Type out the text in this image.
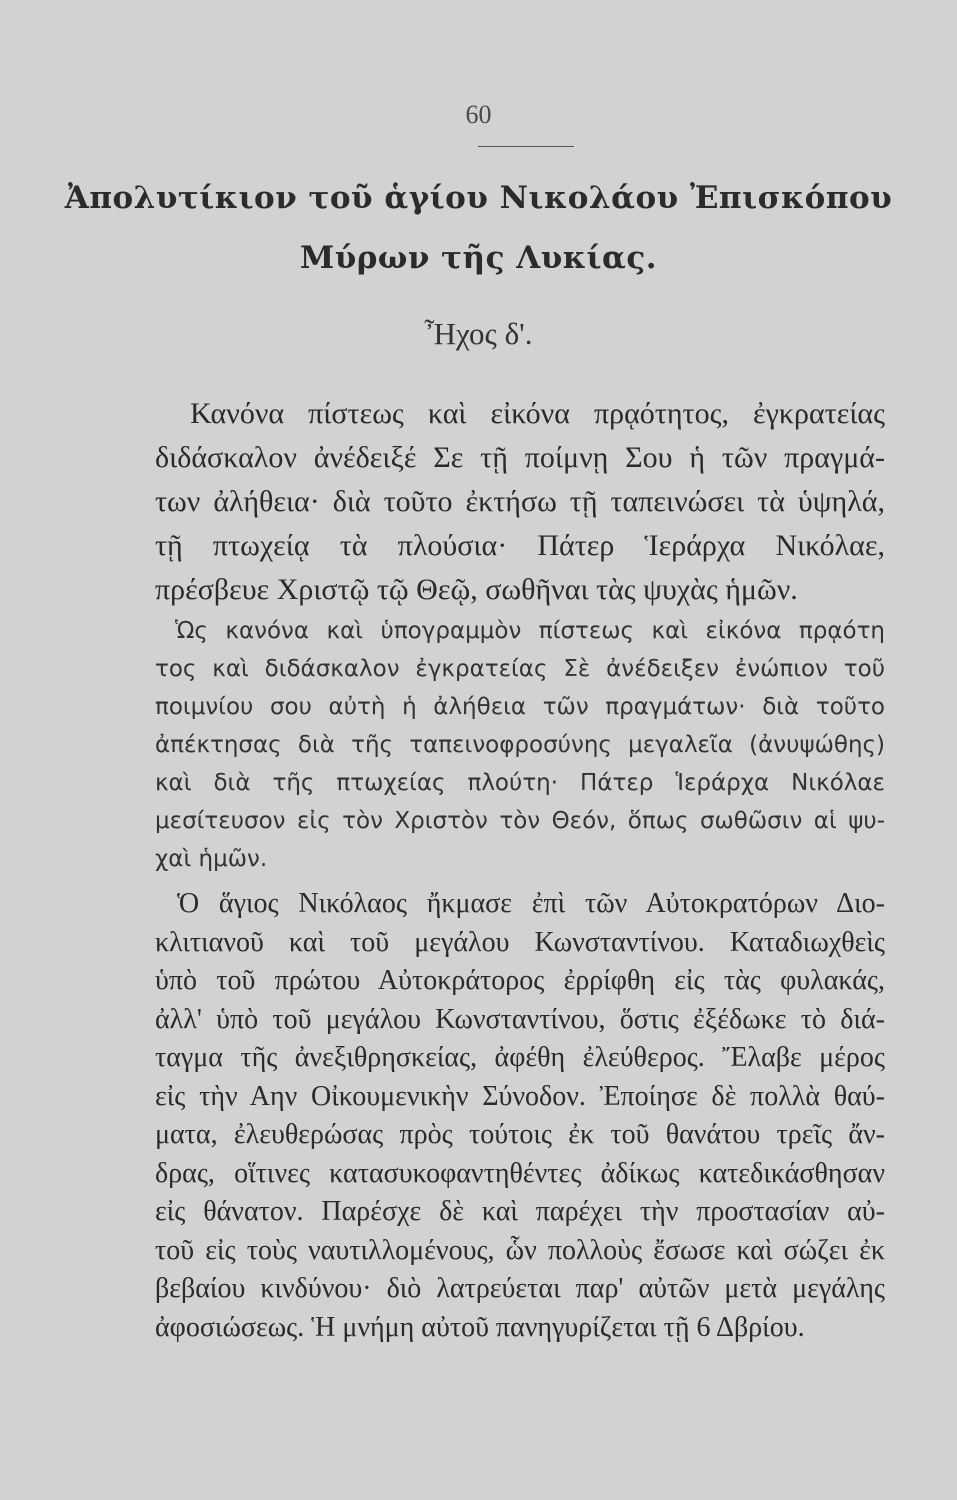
60
Ἀπολυτίκιον τοῦ ἁγίου Νικολάου Ἐπισκόπου
Μύρων τῆς Λυκίας.
Ἦχος δ'.
Κανόνα πίστεως καὶ εἰκόνα πρᾳότητος, ἐγκρατείας
διδάσκαλον ἀνέδειξέ Σε τῇ ποίμνῃ Σου ἡ τῶν πραγμά-
των ἀλήθεια· διὰ τοῦτο ἐκτήσω τῇ ταπεινώσει τὰ ὑψηλά,
τῇ πτωχείᾳ τὰ πλούσια· Πάτερ Ἱεράρχα Νικόλαε,
πρέσβευε Χριστῷ τῷ Θεῷ, σωθῆναι τὰς ψυχὰς ἡμῶν.
Ὡς κανόνα καὶ ὑπογραμμὸν πίστεως καὶ εἰκόνα πρᾳότη
τος καὶ διδάσκαλον ἐγκρατείας Σὲ ἀνέδειξεν ἐνώπιον τοῦ
ποιμνίου σου αὐτὴ ἡ ἀλήθεια τῶν πραγμάτων· διὰ τοῦτο
ἀπέκτησας διὰ τῆς ταπεινοφροσύνης μεγαλεῖα (ἀνυψώθης)
καὶ διὰ τῆς πτωχείας πλούτη· Πάτερ Ἱεράρχα Νικόλαε
μεσίτευσον εἰς τὸν Χριστὸν τὸν Θεόν, ὅπως σωθῶσιν αἱ ψυ-
χαὶ ἡμῶν.
Ὁ ἅγιος Νικόλαος ἤκμασε ἐπὶ τῶν Αὐτοκρατόρων Διο-
κλιτιανοῦ καὶ τοῦ μεγάλου Κωνσταντίνου. Καταδιωχθεὶς
ὑπὸ τοῦ πρώτου Αὐτοκράτορος ἐρρίφθη εἰς τὰς φυλακάς,
ἀλλ' ὑπὸ τοῦ μεγάλου Κωνσταντίνου, ὅστις ἐξέδωκε τὸ διά-
ταγμα τῆς ἀνεξιθρησκείας, ἀφέθη ἐλεύθερος. Ἔλαβε μέρος
εἰς τὴν Αην Οἰκουμενικὴν Σύνοδον. Ἐποίησε δὲ πολλὰ θαύ-
ματα, ἐλευθερώσας πρὸς τούτοις ἐκ τοῦ θανάτου τρεῖς ἄν-
δρας, οἵτινες κατασυκοφαντηθέντες ἀδίκως κατεδικάσθησαν
εἰς θάνατον. Παρέσχε δὲ καὶ παρέχει τὴν προστασίαν αὐ-
τοῦ εἰς τοὺς ναυτιλλομένους, ὧν πολλοὺς ἔσωσε καὶ σώζει ἐκ
βεβαίου κινδύνου· διὸ λατρεύεται παρ' αὐτῶν μετὰ μεγάλης
ἀφοσιώσεως. Ἡ μνήμη αὐτοῦ πανηγυρίζεται τῇ 6 Δβρίου.
